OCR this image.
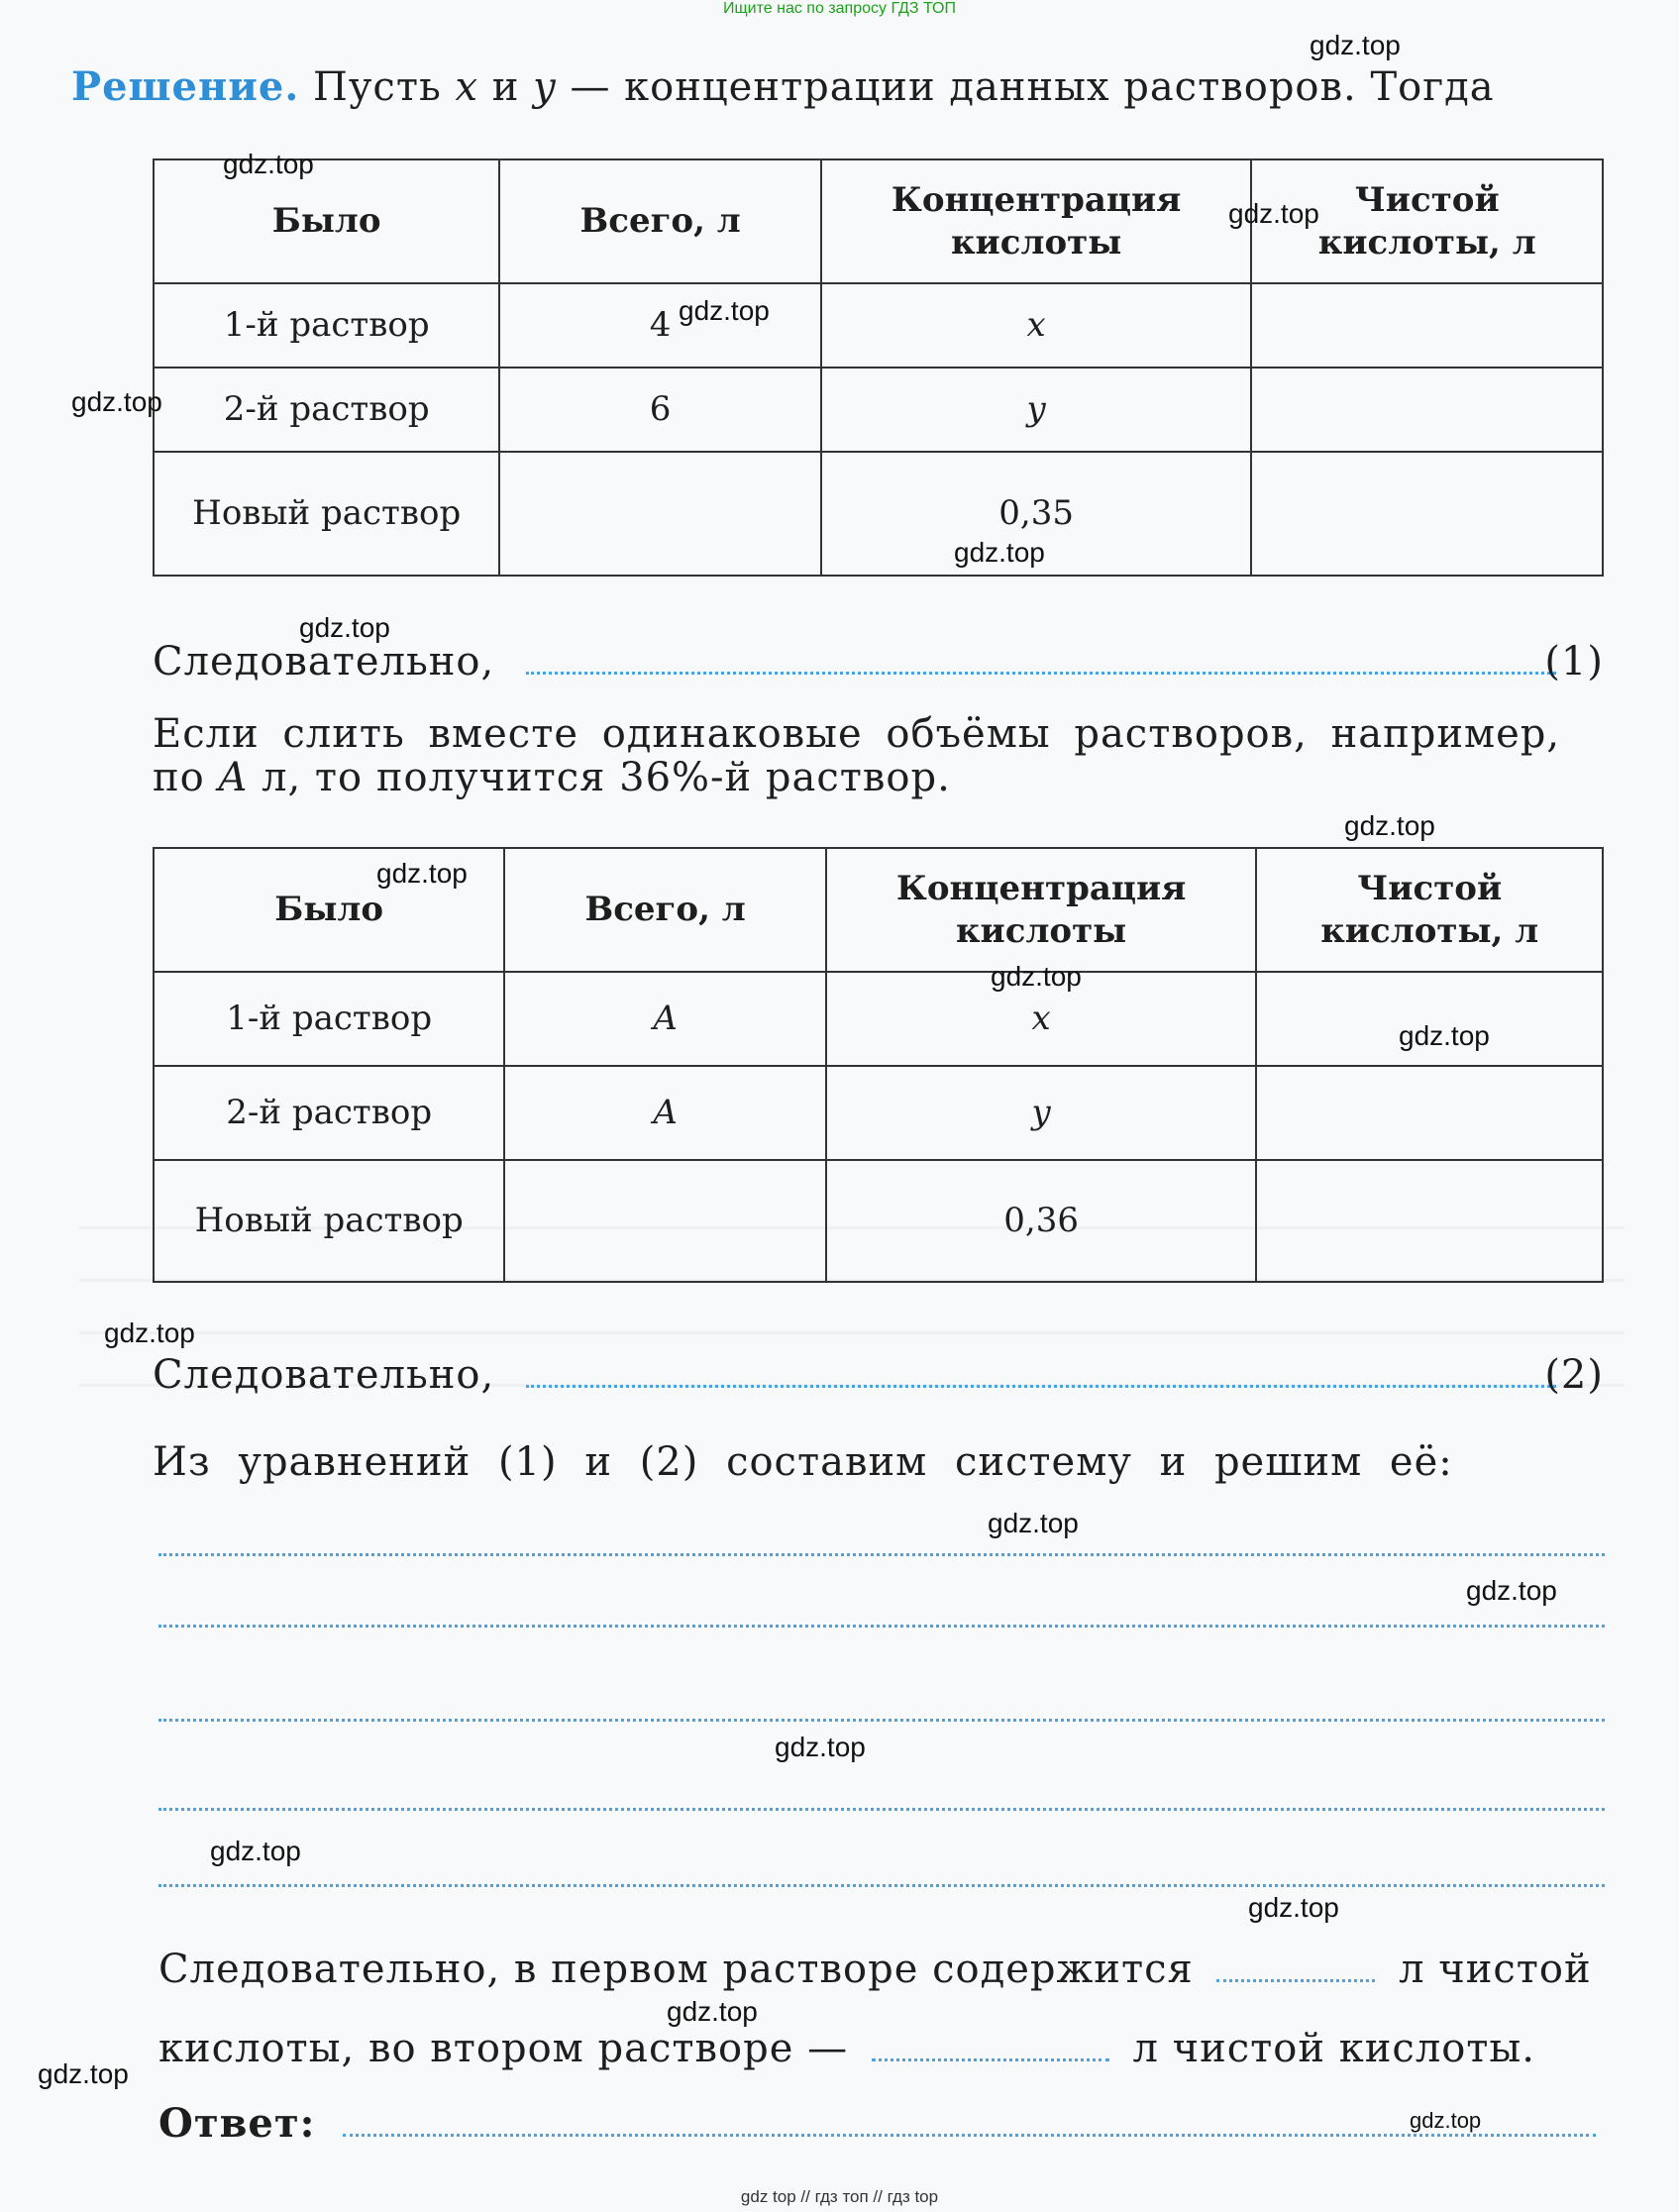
Ищите нас по запросу ГДЗ ТОП
Решение. Пусть x и y — концентрации данных растворов. Тогда
Было	Всего, л	Концентрация кислоты	Чистой кислоты, л
1-й раствор	4	x	
2-й раствор	6	y	
Новый раствор		0,35	
Следовательно,	(1)
Если слить вместе одинаковые объёмы растворов, например,
по A л, то получится 36%-й раствор.
Было	Всего, л	Концентрация кислоты	Чистой кислоты, л
1-й раствор	A	x	
2-й раствор	A	y	
Новый раствор		0,36	
Следовательно,	(2)
Из уравнений (1) и (2) составим систему и решим её:
Следовательно, в первом растворе содержится	л чистой
кислоты, во втором растворе —	л чистой кислоты.
Ответ:
gdz.top
gdz.top
gdz.top
gdz.top
gdz.top
gdz.top
gdz.top
gdz.top
gdz.top
gdz.top
gdz.top
gdz.top
gdz.top
gdz.top
gdz.top
gdz.top
gdz.top
gdz.top
gdz.top
gdz.top
gdz top // гдз топ // гдз top
